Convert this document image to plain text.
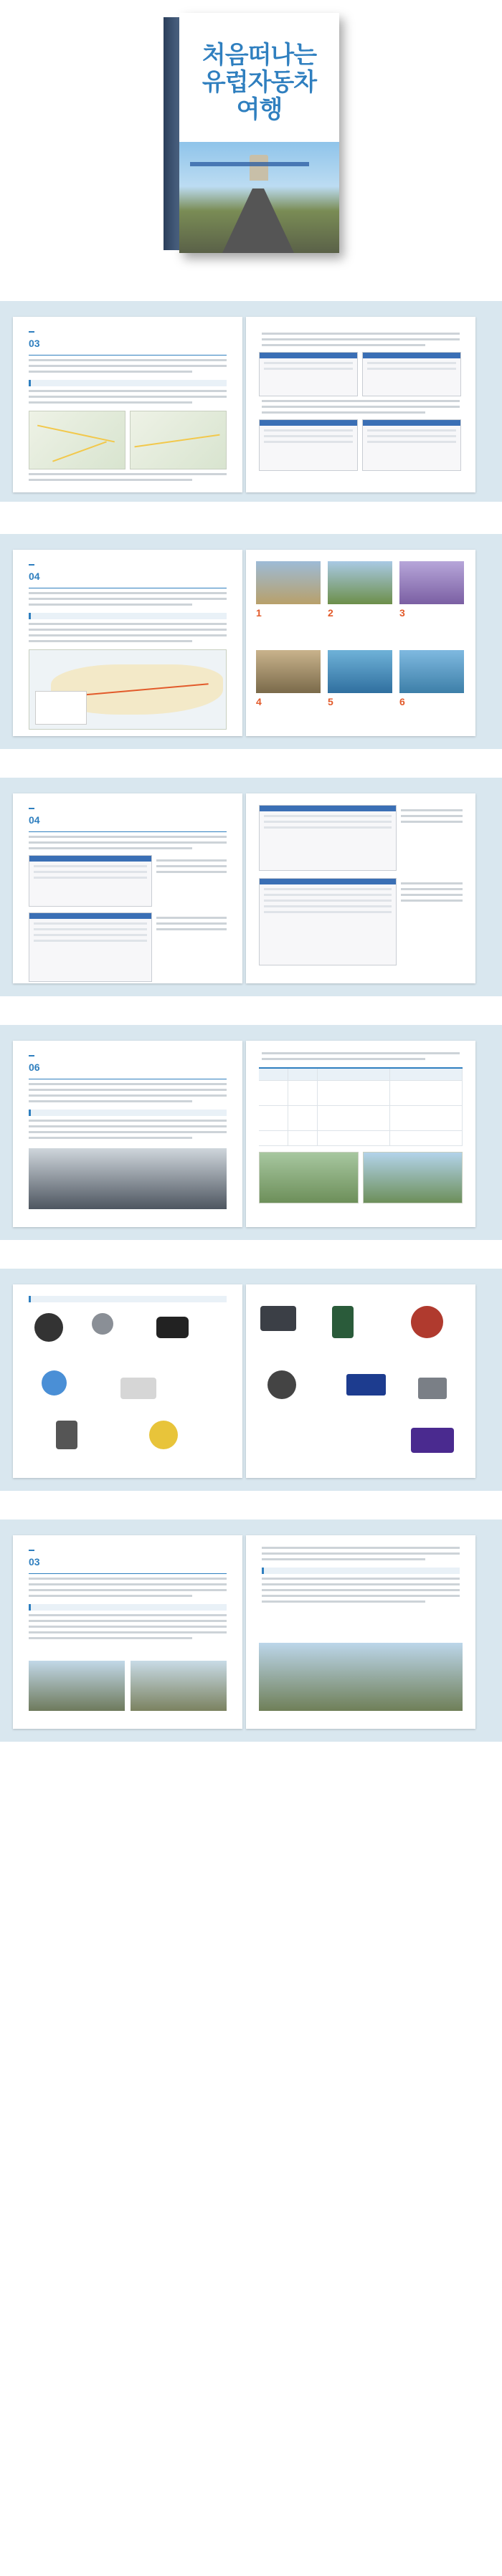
처음떠나는
유럽자동차
여행
03
04
1	2	3
4	5	6
04
06
03
